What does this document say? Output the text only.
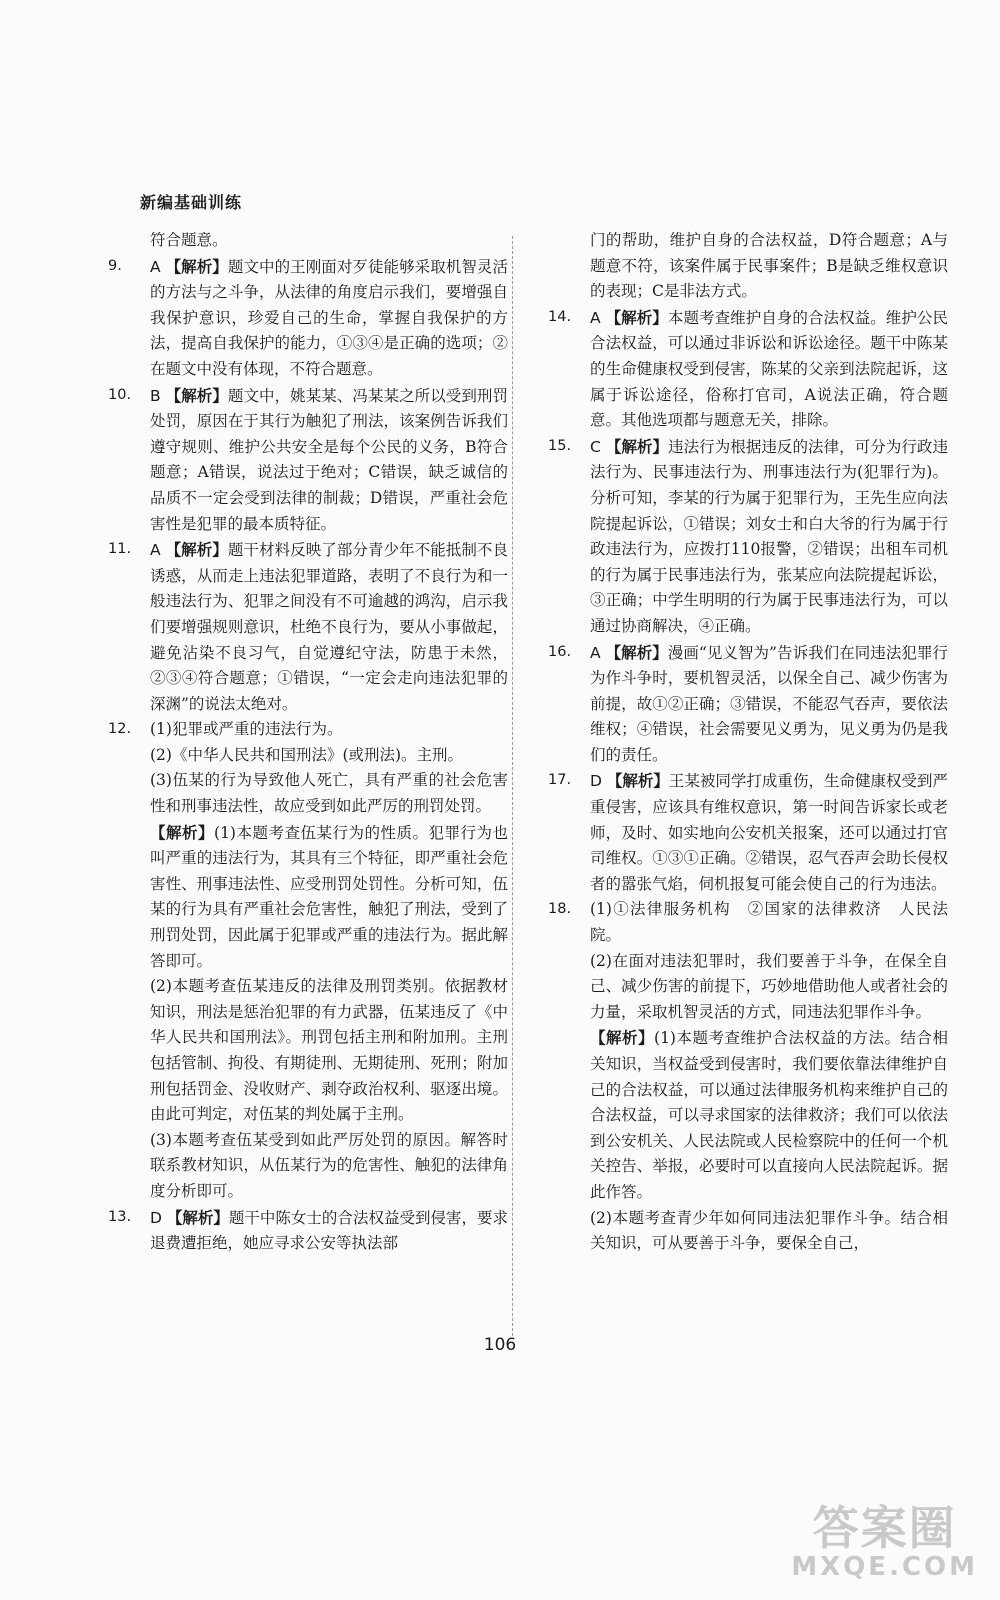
新编基础训练
符合题意。
9.	A 【解析】题文中的王刚面对歹徒能够采取机智灵活的方法与之斗争，从法律的角度启示我们，要增强自我保护意识，珍爱自己的生命，掌握自我保护的方法，提高自我保护的能力，①③④是正确的选项；②在题文中没有体现，不符合题意。
10.	B 【解析】题文中，姚某某、冯某某之所以受到刑罚处罚，原因在于其行为触犯了刑法，该案例告诉我们遵守规则、维护公共安全是每个公民的义务，B符合题意；A错误，说法过于绝对；C错误，缺乏诚信的品质不一定会受到法律的制裁；D错误，严重社会危害性是犯罪的最本质特征。
11.	A 【解析】题干材料反映了部分青少年不能抵制不良诱惑，从而走上违法犯罪道路，表明了不良行为和一般违法行为、犯罪之间没有不可逾越的鸿沟，启示我们要增强规则意识，杜绝不良行为，要从小事做起，避免沾染不良习气，自觉遵纪守法，防患于未然，②③④符合题意；①错误，“一定会走向违法犯罪的深渊”的说法太绝对。
12.	(1)犯罪或严重的违法行为。
(2)《中华人民共和国刑法》(或刑法)。主刑。
(3)伍某的行为导致他人死亡，具有严重的社会危害性和刑事违法性，故应受到如此严厉的刑罚处罚。
【解析】(1)本题考查伍某行为的性质。犯罪行为也叫严重的违法行为，其具有三个特征，即严重社会危害性、刑事违法性、应受刑罚处罚性。分析可知，伍某的行为具有严重社会危害性，触犯了刑法，受到了刑罚处罚，因此属于犯罪或严重的违法行为。据此解答即可。
(2)本题考查伍某违反的法律及刑罚类别。依据教材知识，刑法是惩治犯罪的有力武器，伍某违反了《中华人民共和国刑法》。刑罚包括主刑和附加刑。主刑包括管制、拘役、有期徒刑、无期徒刑、死刑；附加刑包括罚金、没收财产、剥夺政治权利、驱逐出境。由此可判定，对伍某的判处属于主刑。
(3)本题考查伍某受到如此严厉处罚的原因。解答时联系教材知识，从伍某行为的危害性、触犯的法律角度分析即可。
13.	D 【解析】题干中陈女士的合法权益受到侵害，要求退费遭拒绝，她应寻求公安等执法部
门的帮助，维护自身的合法权益，D符合题意；A与题意不符，该案件属于民事案件；B是缺乏维权意识的表现；C是非法方式。
14.	A 【解析】本题考查维护自身的合法权益。维护公民合法权益，可以通过非诉讼和诉讼途径。题干中陈某的生命健康权受到侵害，陈某的父亲到法院起诉，这属于诉讼途径，俗称打官司，A说法正确，符合题意。其他选项都与题意无关，排除。
15.	C 【解析】违法行为根据违反的法律，可分为行政违法行为、民事违法行为、刑事违法行为(犯罪行为)。分析可知，李某的行为属于犯罪行为，王先生应向法院提起诉讼，①错误；刘女士和白大爷的行为属于行政违法行为，应拨打110报警，②错误；出租车司机的行为属于民事违法行为，张某应向法院提起诉讼，③正确；中学生明明的行为属于民事违法行为，可以通过协商解决，④正确。
16.	A 【解析】漫画“见义智为”告诉我们在同违法犯罪行为作斗争时，要机智灵活，以保全自己、减少伤害为前提，故①②正确；③错误，不能忍气吞声，要依法维权；④错误，社会需要见义勇为，见义勇为仍是我们的责任。
17.	D 【解析】王某被同学打成重伤，生命健康权受到严重侵害，应该具有维权意识，第一时间告诉家长或老师，及时、如实地向公安机关报案，还可以通过打官司维权。①③①正确。②错误，忍气吞声会助长侵权者的嚣张气焰，伺机报复可能会使自己的行为违法。
18.	(1)①法律服务机构　②国家的法律救济　人民法院。
(2)在面对违法犯罪时，我们要善于斗争，在保全自己、减少伤害的前提下，巧妙地借助他人或者社会的力量，采取机智灵活的方式，同违法犯罪作斗争。
【解析】(1)本题考查维护合法权益的方法。结合相关知识，当权益受到侵害时，我们要依靠法律维护自己的合法权益，可以通过法律服务机构来维护自己的合法权益，可以寻求国家的法律救济；我们可以依法到公安机关、人民法院或人民检察院中的任何一个机关控告、举报，必要时可以直接向人民法院起诉。据此作答。
(2)本题考查青少年如何同违法犯罪作斗争。结合相关知识，可从要善于斗争，要保全自己，
106
答案圈
MXQE.COM
